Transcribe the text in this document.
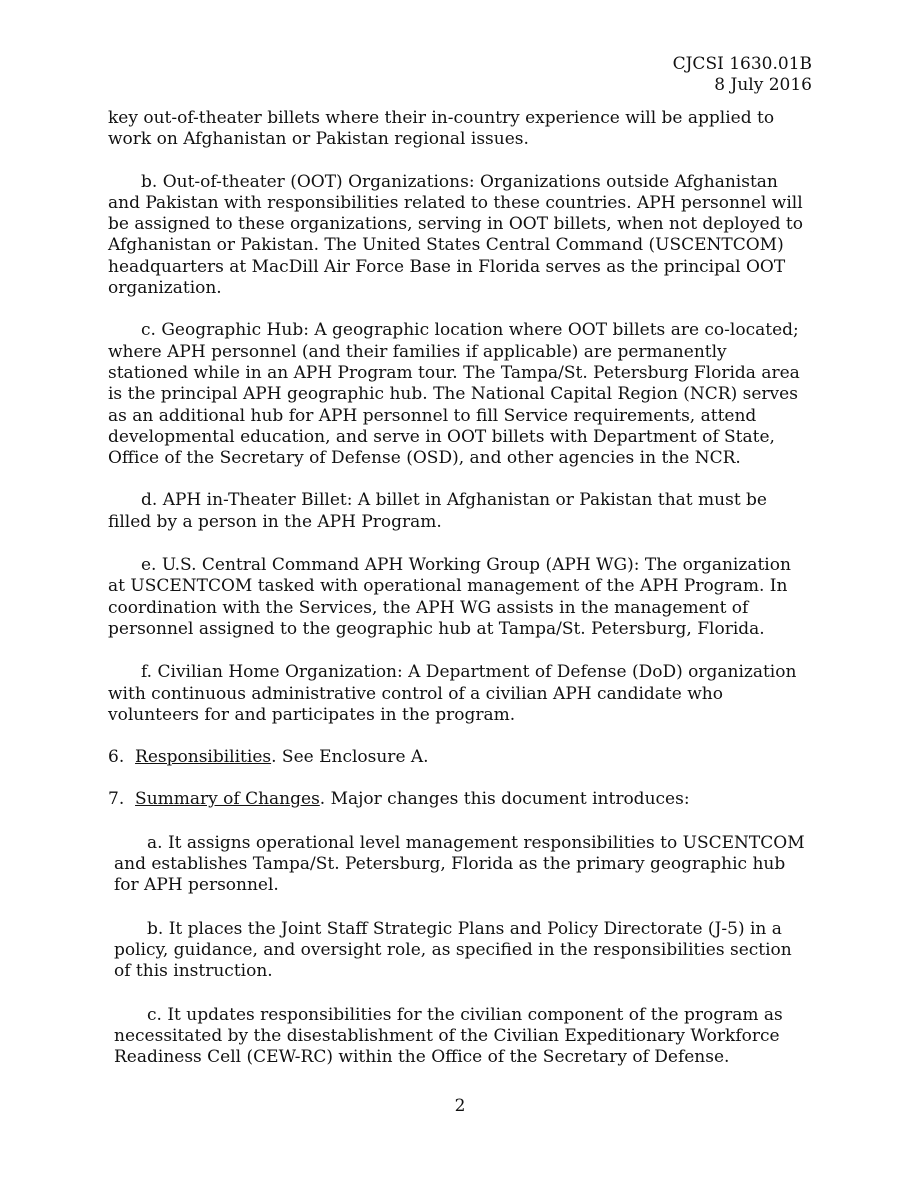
CJCSI 1630.01B
8 July 2016

key out-of-theater billets where their in-country experience will be applied to work on Afghanistan or Pakistan regional issues.

b. Out-of-theater (OOT) Organizations: Organizations outside Afghanistan and Pakistan with responsibilities related to these countries. APH personnel will be assigned to these organizations, serving in OOT billets, when not deployed to Afghanistan or Pakistan. The United States Central Command (USCENTCOM) headquarters at MacDill Air Force Base in Florida serves as the principal OOT organization.

c. Geographic Hub: A geographic location where OOT billets are co-located; where APH personnel (and their families if applicable) are permanently stationed while in an APH Program tour. The Tampa/St. Petersburg Florida area is the principal APH geographic hub. The National Capital Region (NCR) serves as an additional hub for APH personnel to fill Service requirements, attend developmental education, and serve in OOT billets with Department of State, Office of the Secretary of Defense (OSD), and other agencies in the NCR.

d. APH in-Theater Billet: A billet in Afghanistan or Pakistan that must be filled by a person in the APH Program.

e. U.S. Central Command APH Working Group (APH WG): The organization at USCENTCOM tasked with operational management of the APH Program. In coordination with the Services, the APH WG assists in the management of personnel assigned to the geographic hub at Tampa/St. Petersburg, Florida.

f. Civilian Home Organization: A Department of Defense (DoD) organization with continuous administrative control of a civilian APH candidate who volunteers for and participates in the program.

6. Responsibilities. See Enclosure A.

7. Summary of Changes. Major changes this document introduces:

a. It assigns operational level management responsibilities to USCENTCOM and establishes Tampa/St. Petersburg, Florida as the primary geographic hub for APH personnel.

b. It places the Joint Staff Strategic Plans and Policy Directorate (J-5) in a policy, guidance, and oversight role, as specified in the responsibilities section of this instruction.

c. It updates responsibilities for the civilian component of the program as necessitated by the disestablishment of the Civilian Expeditionary Workforce Readiness Cell (CEW-RC) within the Office of the Secretary of Defense.

2
